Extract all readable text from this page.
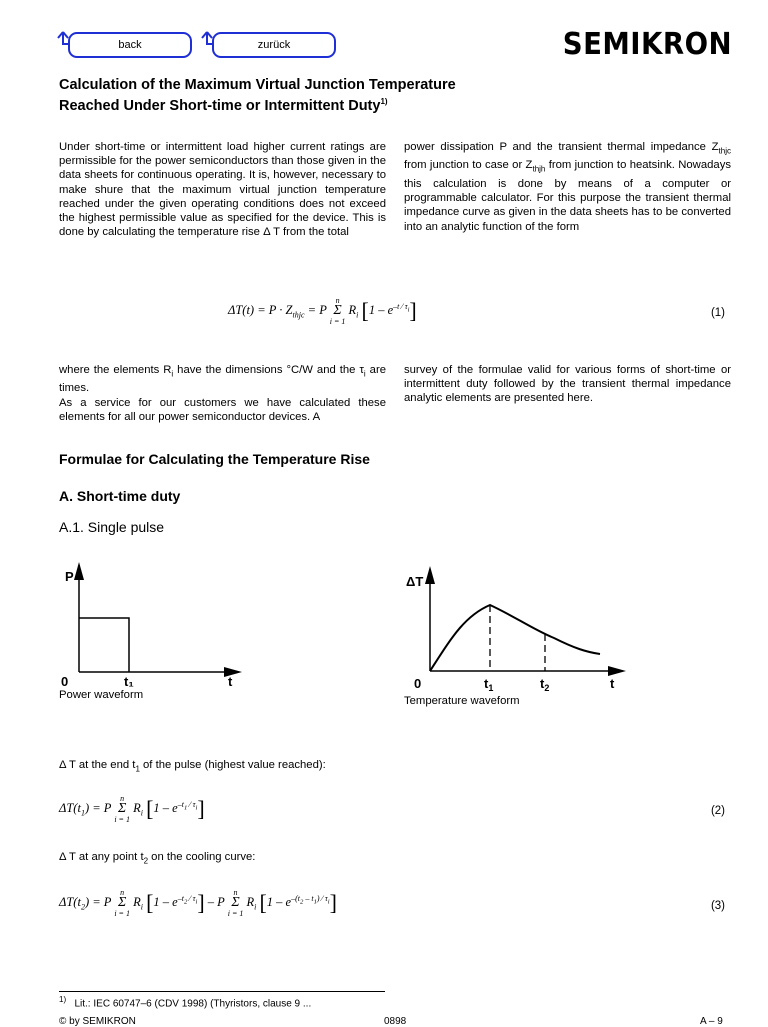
back	zurück	SEMIKRON
Calculation of the Maximum Virtual Junction Temperature
Reached Under Short-time or Intermittent Duty$^{1)}$
Under short-time or intermittent load higher current ratings are permissible for the power semiconductors than those given in the data sheets for continuous operating. It is, however, necessary to make shure that the maximum virtual junction temperature reached under the given operating conditions does not exceed the highest permissible value as specified for the device. This is done by calculating the temperature rise Δ T from the total
power dissipation P and the transient thermal impedance $Z_{thjc}$ from junction to case or $Z_{thjh}$ from junction to heatsink. Nowadays this calculation is done by means of a computer or programmable calculator. For this purpose the transient thermal impedance curve as given in the data sheets has to be converted into an analytic function of the form
$\Delta T(t) = P \cdot Z_{thjc} = P$ n
Σ
i = 1 $R_i$ $[1 - e^{-t ⁄ \tau_i}]$	(1)
where the elements $R_i$ have the dimensions °C/W and the $\tau_i$ are times.
As a service for our customers we have calculated these elements for all our power semiconductor devices. A
survey of the formulae valid for various forms of short-time or intermittent duty followed by the transient thermal impedance analytic elements are presented here.
Formulae for Calculating the Temperature Rise
A. Short-time duty
A.1. Single pulse
P
0	t₁	t
Power waveform
ΔT
0	$t_1$	$t_2$	t
Temperature waveform
Δ T at the end $t_1$ of the pulse (highest value reached):
$\Delta T(t_1) = P$ n
Σ
i = 1 $R_i$ $[1 - e^{-t_1 ⁄ \tau_i}]$	(2)
Δ T at any point $t_2$ on the cooling curve:
$\Delta T(t_2) = P$ n
Σ
i = 1 $R_i$ $[1 - e^{-t_2 ⁄ \tau_i}]$ – P n
Σ
i = 1 $R_i$ $[1 - e^{-(t_2 - t_1) ⁄ \tau_i}]$	(3)
$^{1)}$ Lit.: IEC 60747–6 (CDV 1998) (Thyristors, clause 9 ...
© by SEMIKRON	0898	A – 9
